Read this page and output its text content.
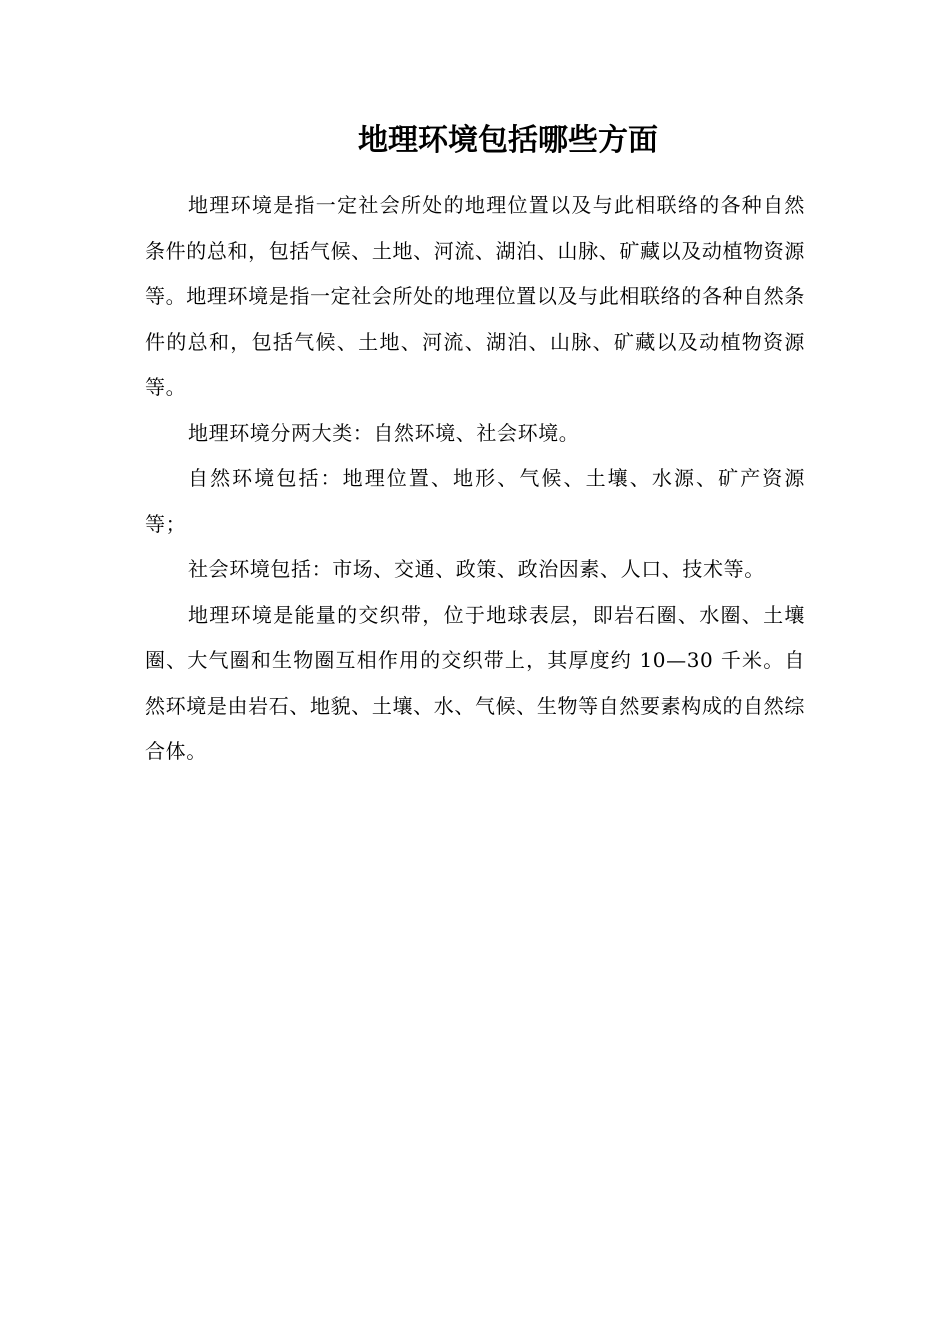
地理环境包括哪些方面

地理环境是指一定社会所处的地理位置以及与此相联络的各种自然条件的总和，包括气候、土地、河流、湖泊、山脉、矿藏以及动植物资源等。地理环境是指一定社会所处的地理位置以及与此相联络的各种自然条件的总和，包括气候、土地、河流、湖泊、山脉、矿藏以及动植物资源等。

地理环境分两大类：自然环境、社会环境。

自然环境包括：地理位置、地形、气候、土壤、水源、矿产资源等；

社会环境包括：市场、交通、政策、政治因素、人口、技术等。

地理环境是能量的交织带，位于地球表层，即岩石圈、水圈、土壤圈、大气圈和生物圈互相作用的交织带上，其厚度约 10—30 千米。自然环境是由岩石、地貌、土壤、水、气候、生物等自然要素构成的自然综合体。
